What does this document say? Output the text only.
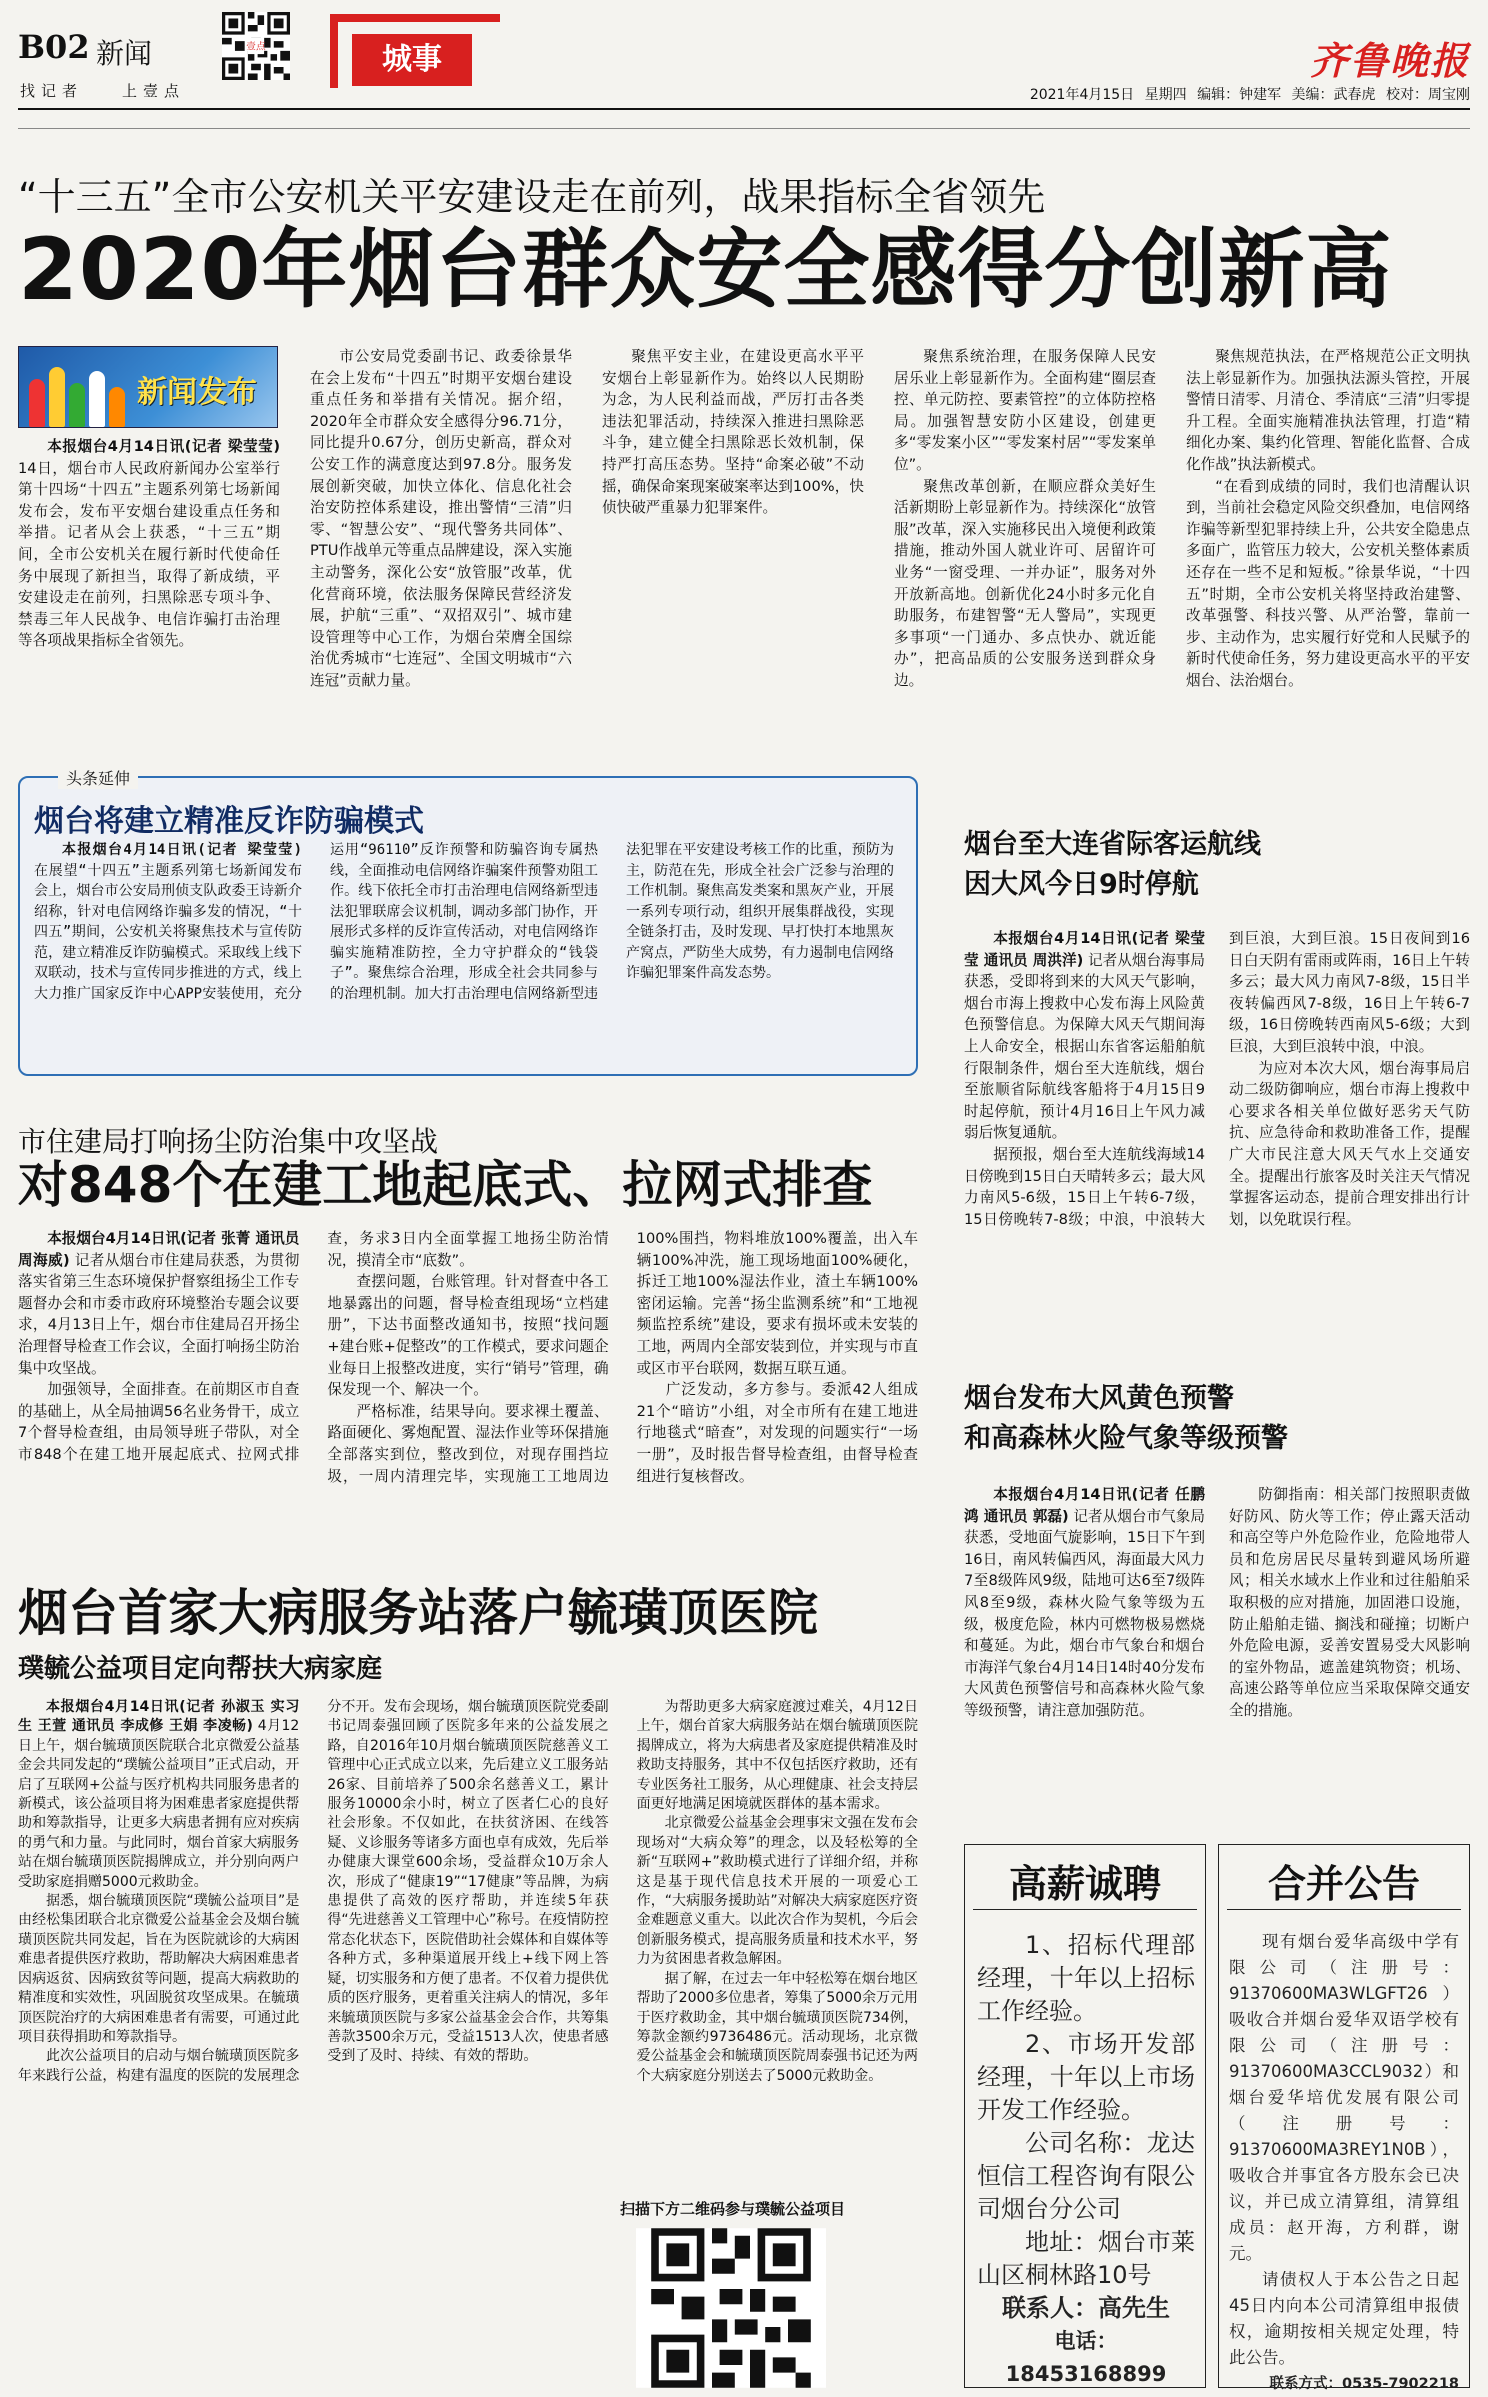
B02 新闻
找记者	上壹点
壹点	城事	齐鲁晚报
2021年4月15日 星期四 编辑：钟建军 美编：武春虎 校对：周宝刚
“十三五”全市公安机关平安建设走在前列，战果指标全省领先
2020年烟台群众安全感得分创新高
新闻发布

本报烟台4月14日讯(记者 梁莹莹) 14日，烟台市人民政府新闻办公室举行第十四场“十四五”主题系列第七场新闻发布会，发布平安烟台建设重点任务和举措。记者从会上获悉，“十三五”期间，全市公安机关在履行新时代使命任务中展现了新担当，取得了新成绩，平安建设走在前列，扫黑除恶专项斗争、禁毒三年人民战争、电信诈骗打击治理等各项战果指标全省领先。

市公安局党委副书记、政委徐景华在会上发布“十四五”时期平安烟台建设重点任务和举措有关情况。据介绍，2020年全市群众安全感得分96.71分，同比提升0.67分，创历史新高，群众对公安工作的满意度达到97.8分。服务发展创新突破，加快立体化、信息化社会治安防控体系建设，推出警情“三清”归零、“智慧公安”、“现代警务共同体”、PTU作战单元等重点品牌建设，深入实施主动警务，深化公安“放管服”改革，优化营商环境，依法服务保障民营经济发展，护航“三重”、“双招双引”、城市建设管理等中心工作，为烟台荣膺全国综治优秀城市“七连冠”、全国文明城市“六连冠”贡献力量。

聚焦平安主业，在建设更高水平平安烟台上彰显新作为。始终以人民期盼为念，为人民利益而战，严厉打击各类违法犯罪活动，持续深入推进扫黑除恶斗争，建立健全扫黑除恶长效机制，保持严打高压态势。坚持“命案必破”不动摇，确保命案现案破案率达到100%，快侦快破严重暴力犯罪案件。

聚焦系统治理，在服务保障人民安居乐业上彰显新作为。全面构建“圈层查控、单元防控、要素管控”的立体防控格局。加强智慧安防小区建设，创建更多“零发案小区”“零发案村居”“零发案单位”。

聚焦改革创新，在顺应群众美好生活新期盼上彰显新作为。持续深化“放管服”改革，深入实施移民出入境便利政策措施，推动外国人就业许可、居留许可业务“一窗受理、一并办证”，服务对外开放新高地。创新优化24小时多元化自助服务，布建智警“无人警局”，实现更多事项“一门通办、多点快办、就近能办”，把高品质的公安服务送到群众身边。

聚焦规范执法，在严格规范公正文明执法上彰显新作为。加强执法源头管控，开展警情日清零、月清仓、季清底“三清”归零提升工程。全面实施精准执法管理，打造“精细化办案、集约化管理、智能化监督、合成化作战”执法新模式。

“在看到成绩的同时，我们也清醒认识到，当前社会稳定风险交织叠加，电信网络诈骗等新型犯罪持续上升，公共安全隐患点多面广，监管压力较大，公安机关整体素质还存在一些不足和短板。”徐景华说，“十四五”时期，全市公安机关将坚持政治建警、改革强警、科技兴警、从严治警，靠前一步、主动作为，忠实履行好党和人民赋予的新时代使命任务，努力建设更高水平的平安烟台、法治烟台。

头条延伸
烟台将建立精准反诈防骗模式

本报烟台4月14日讯(记者 梁莹莹) 在展望“十四五”主题系列第七场新闻发布会上，烟台市公安局刑侦支队政委王诗新介绍称，针对电信网络诈骗多发的情况，“十四五”期间，公安机关将聚焦技术与宣传防范，建立精准反诈防骗模式。采取线上线下双联动，技术与宣传同步推进的方式，线上大力推广国家反诈中心APP安装使用，充分运用“96110”反诈预警和防骗咨询专属热线，全面推动电信网络诈骗案件预警劝阻工作。线下依托全市打击治理电信网络新型违法犯罪联席会议机制，调动多部门协作，开展形式多样的反诈宣传活动，对电信网络诈骗实施精准防控，全力守护群众的“钱袋子”。聚焦综合治理，形成全社会共同参与的治理机制。加大打击治理电信网络新型违法犯罪在平安建设考核工作的比重，预防为主，防范在先，形成全社会广泛参与治理的工作机制。聚焦高发类案和黑灰产业，开展一系列专项行动，组织开展集群战役，实现全链条打击，及时发现、早打快打本地黑灰产窝点，严防坐大成势，有力遏制电信网络诈骗犯罪案件高发态势。

市住建局打响扬尘防治集中攻坚战
对848个在建工地起底式、拉网式排查

本报烟台4月14日讯(记者 张菁 通讯员 周海威) 记者从烟台市住建局获悉，为贯彻落实省第三生态环境保护督察组扬尘工作专题督办会和市委市政府环境整治专题会议要求，4月13日上午，烟台市住建局召开扬尘治理督导检查工作会议，全面打响扬尘防治集中攻坚战。

加强领导，全面排查。在前期区市自查的基础上，从全局抽调56名业务骨干，成立7个督导检查组，由局领导班子带队，对全市848个在建工地开展起底式、拉网式排查，务求3日内全面掌握工地扬尘防治情况，摸清全市“底数”。

查摆问题，台账管理。针对督查中各工地暴露出的问题，督导检查组现场“立档建册”，下达书面整改通知书，按照“找问题+建台账+促整改”的工作模式，要求问题企业每日上报整改进度，实行“销号”管理，确保发现一个、解决一个。

严格标准，结果导向。要求裸土覆盖、路面硬化、雾炮配置、湿法作业等环保措施全部落实到位，整改到位，对现存围挡垃圾，一周内清理完毕，实现施工工地周边100%围挡，物料堆放100%覆盖，出入车辆100%冲洗，施工现场地面100%硬化，拆迁工地100%湿法作业，渣土车辆100%密闭运输。完善“扬尘监测系统”和“工地视频监控系统”建设，要求有损坏或未安装的工地，两周内全部安装到位，并实现与市直或区市平台联网，数据互联互通。

广泛发动，多方参与。委派42人组成21个“暗访”小组，对全市所有在建工地进行地毯式“暗查”，对发现的问题实行“一场一册”，及时报告督导检查组，由督导检查组进行复核督改。

烟台至大连省际客运航线
因大风今日9时停航

本报烟台4月14日讯(记者 梁莹莹 通讯员 周洪洋) 记者从烟台海事局获悉，受即将到来的大风天气影响，烟台市海上搜救中心发布海上风险黄色预警信息。为保障大风天气期间海上人命安全，根据山东省客运船舶航行限制条件，烟台至大连航线，烟台至旅顺省际航线客船将于4月15日9时起停航，预计4月16日上午风力减弱后恢复通航。

据预报，烟台至大连航线海域14日傍晚到15日白天晴转多云；最大风力南风5-6级，15日上午转6-7级，15日傍晚转7-8级；中浪，中浪转大到巨浪，大到巨浪。15日夜间到16日白天阴有雷雨或阵雨，16日上午转多云；最大风力南风7-8级，15日半夜转偏西风7-8级，16日上午转6-7级，16日傍晚转西南风5-6级；大到巨浪，大到巨浪转中浪，中浪。

为应对本次大风，烟台海事局启动二级防御响应，烟台市海上搜救中心要求各相关单位做好恶劣天气防抗、应急待命和救助准备工作，提醒广大市民注意大风天气水上交通安全。提醒出行旅客及时关注天气情况掌握客运动态，提前合理安排出行计划，以免耽误行程。

烟台发布大风黄色预警
和高森林火险气象等级预警

本报烟台4月14日讯(记者 任鹏鸿 通讯员 郭磊) 记者从烟台市气象局获悉，受地面气旋影响，15日下午到16日，南风转偏西风，海面最大风力7至8级阵风9级，陆地可达6至7级阵风8至9级，森林火险气象等级为五级，极度危险，林内可燃物极易燃烧和蔓延。为此，烟台市气象台和烟台市海洋气象台4月14日14时40分发布大风黄色预警信号和高森林火险气象等级预警，请注意加强防范。

防御指南：相关部门按照职责做好防风、防火等工作；停止露天活动和高空等户外危险作业，危险地带人员和危房居民尽量转到避风场所避风；相关水域水上作业和过往船舶采取积极的应对措施，加固港口设施，防止船舶走锚、搁浅和碰撞；切断户外危险电源，妥善安置易受大风影响的室外物品，遮盖建筑物资；机场、高速公路等单位应当采取保障交通安全的措施。

烟台首家大病服务站落户毓璜顶医院
璞毓公益项目定向帮扶大病家庭

本报烟台4月14日讯(记者 孙淑玉 实习生 王萱 通讯员 李成修 王娟 李凌畅) 4月12日上午，烟台毓璜顶医院联合北京微爱公益基金会共同发起的“璞毓公益项目”正式启动，开启了互联网+公益与医疗机构共同服务患者的新模式，该公益项目将为困难患者家庭提供帮助和筹款指导，让更多大病患者拥有应对疾病的勇气和力量。与此同时，烟台首家大病服务站在烟台毓璜顶医院揭牌成立，并分别向两户受助家庭捐赠5000元救助金。

据悉，烟台毓璜顶医院“璞毓公益项目”是由经松集团联合北京微爱公益基金会及烟台毓璜顶医院共同发起，旨在为医院就诊的大病困难患者提供医疗救助，帮助解决大病困难患者因病返贫、因病致贫等问题，提高大病救助的精准度和实效性，巩固脱贫攻坚成果。在毓璜顶医院治疗的大病困难患者有需要，可通过此项目获得捐助和筹款指导。

此次公益项目的启动与烟台毓璜顶医院多年来践行公益，构建有温度的医院的发展理念分不开。发布会现场，烟台毓璜顶医院党委副书记周泰强回顾了医院多年来的公益发展之路，自2016年10月烟台毓璜顶医院慈善义工管理中心正式成立以来，先后建立义工服务站26家、目前培养了500余名慈善义工，累计服务10000余小时，树立了医者仁心的良好社会形象。不仅如此，在扶贫济困、在线答疑、义诊服务等诸多方面也卓有成效，先后举办健康大课堂600余场，受益群众10万余人次，形成了“健康19”“17健康”等品牌，为病患提供了高效的医疗帮助，并连续5年获得“先进慈善义工管理中心”称号。在疫情防控常态化状态下，医院借助社会媒体和自媒体等各种方式，多种渠道展开线上+线下网上答疑，切实服务和方便了患者。不仅着力提供优质的医疗服务，更着重关注病人的情况，多年来毓璜顶医院与多家公益基金会合作，共筹集善款3500余万元，受益1513人次，使患者感受到了及时、持续、有效的帮助。

为帮助更多大病家庭渡过难关，4月12日上午，烟台首家大病服务站在烟台毓璜顶医院揭牌成立，将为大病患者及家庭提供精准及时救助支持服务，其中不仅包括医疗救助，还有专业医务社工服务，从心理健康、社会支持层面更好地满足困境就医群体的基本需求。

北京微爱公益基金会理事宋文强在发布会现场对“大病众筹”的理念，以及轻松筹的全新“互联网+”救助模式进行了详细介绍，并称这是基于现代信息技术开展的一项爱心工作，“大病服务援助站”对解决大病家庭医疗资金难题意义重大。以此次合作为契机，今后会创新服务模式，提高服务质量和技术水平，努力为贫困患者救急解困。

据了解，在过去一年中轻松筹在烟台地区帮助了2000多位患者，筹集了5000余万元用于医疗救助金，其中烟台毓璜顶医院734例，筹款金额约9736486元。活动现场，北京微爱公益基金会和毓璜顶医院周泰强书记还为两个大病家庭分别送去了5000元救助金。

扫描下方二维码参与璞毓公益项目
高薪诚聘

1、招标代理部经理，十年以上招标工作经验。

2、市场开发部经理，十年以上市场开发工作经验。

公司名称：龙达恒信工程咨询有限公司烟台分公司

地址：烟台市莱山区桐林路10号

联系人：高先生

电话：18453168899

合并公告

现有烟台爱华高级中学有限公司（注册号：91370600MA3WLGFT26）吸收合并烟台爱华双语学校有限公司（注册号：91370600MA3CCL9032）和烟台爱华培优发展有限公司（注册号：91370600MA3REY1N0B），吸收合并事宜各方股东会已决议，并已成立清算组，清算组成员：赵开海，方利群，谢元。

请债权人于本公告之日起45日内向本公司清算组申报债权，逾期按相关规定处理，特此公告。

联系方式：0535-7902218
